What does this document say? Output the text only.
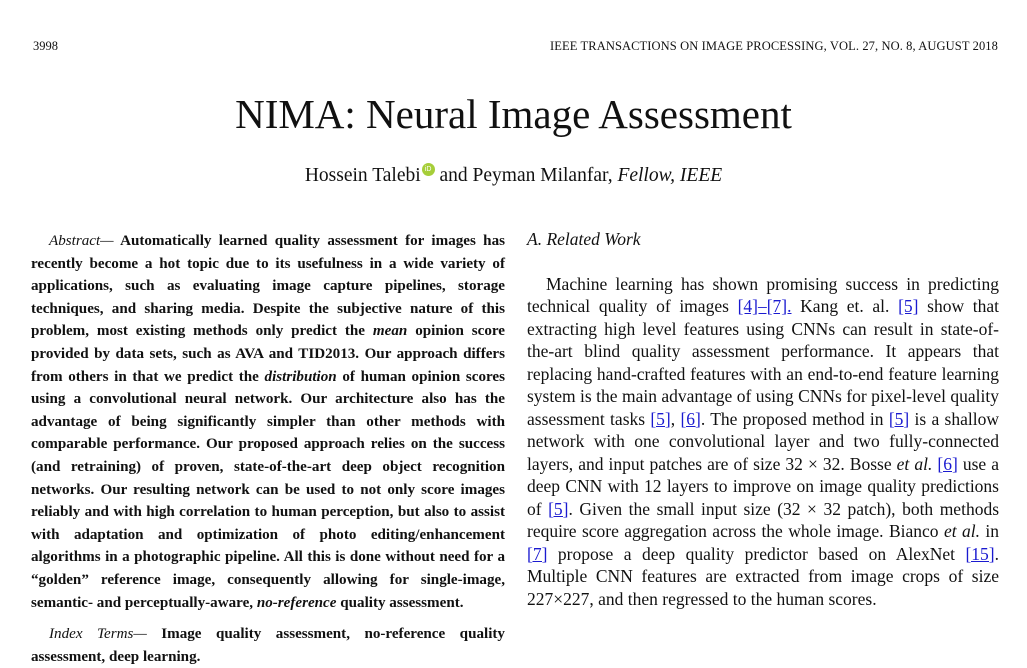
3998	IEEE TRANSACTIONS ON IMAGE PROCESSING, VOL. 27, NO. 8, AUGUST 2018
NIMA: Neural Image Assessment
Hossein Talebi iD and Peyman Milanfar, Fellow, IEEE

Abstract— Automatically learned quality assessment for images has recently become a hot topic due to its usefulness in a wide variety of applications, such as evaluating image capture pipelines, storage techniques, and sharing media. Despite the subjective nature of this problem, most existing methods only predict the mean opinion score provided by data sets, such as AVA and TID2013. Our approach differs from others in that we predict the distribution of human opinion scores using a convolutional neural network. Our architecture also has the advantage of being significantly simpler than other methods with comparable performance. Our proposed approach relies on the success (and retraining) of proven, state-of-the-art deep object recognition networks. Our resulting network can be used to not only score images reliably and with high correlation to human perception, but also to assist with adaptation and optimization of photo editing/enhancement algorithms in a photographic pipeline. All this is done without need for a “golden” reference image, consequently allowing for single-image, semantic- and perceptually-aware, no-reference quality assessment.

Index Terms— Image quality assessment, no-reference quality assessment, deep learning.

A. Related Work

Machine learning has shown promising success in predicting technical quality of images [4]–[7]. Kang et. al. [5] show that extracting high level features using CNNs can result in state-of-the-art blind quality assessment performance. It appears that replacing hand-crafted features with an end-to-end feature learning system is the main advantage of using CNNs for pixel-level quality assessment tasks [5], [6]. The proposed method in [5] is a shallow network with one convolutional layer and two fully-connected layers, and input patches are of size 32 × 32. Bosse et al. [6] use a deep CNN with 12 layers to improve on image quality predictions of [5]. Given the small input size (32 × 32 patch), both methods require score aggregation across the whole image. Bianco et al. in [7] propose a deep quality predictor based on AlexNet [15]. Multiple CNN features are extracted from image crops of size 227×227, and then regressed to the human scores.
